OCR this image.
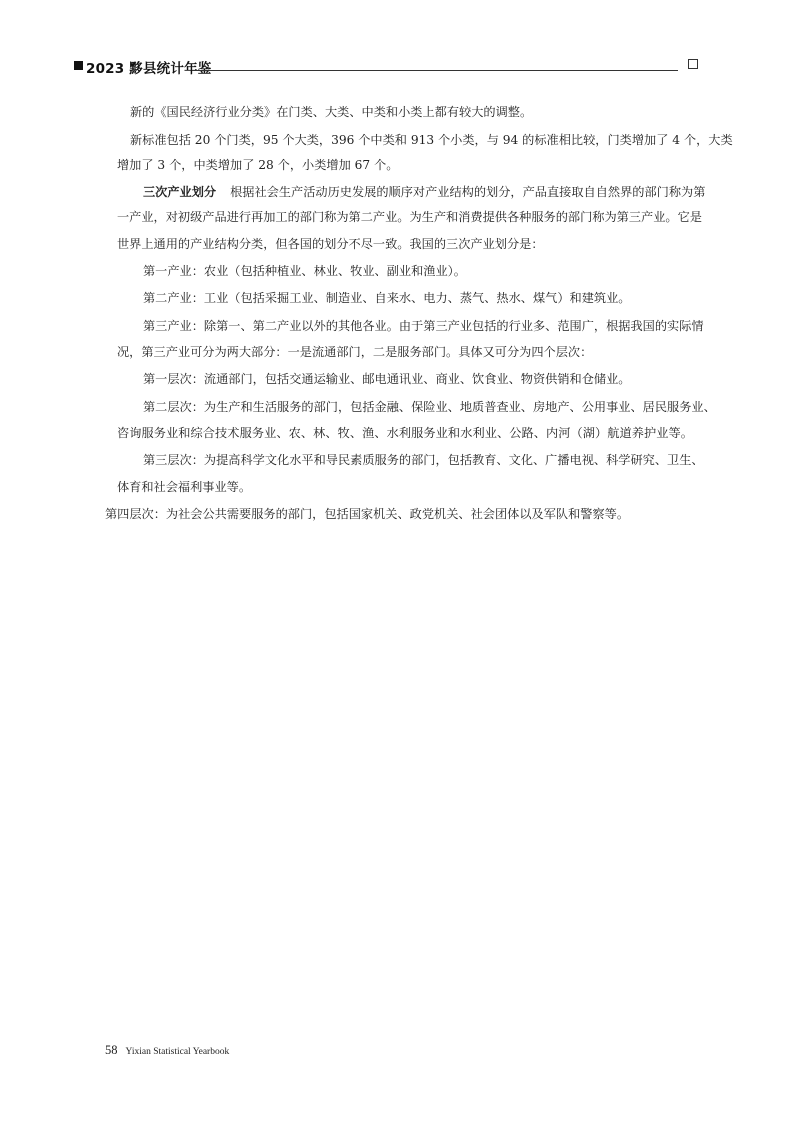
2023 黟县统计年鉴
新的《国民经济行业分类》在门类、大类、中类和小类上都有较大的调整。
新标准包括 20 个门类，95 个大类，396 个中类和 913 个小类，与 94 的标准相比较，门类增加了 4 个，大类
增加了 3 个，中类增加了 28 个，小类增加 67 个。
三次产业划分 根据社会生产活动历史发展的顺序对产业结构的划分，产品直接取自自然界的部门称为第
一产业，对初级产品进行再加工的部门称为第二产业。为生产和消费提供各种服务的部门称为第三产业。它是
世界上通用的产业结构分类，但各国的划分不尽一致。我国的三次产业划分是：
第一产业：农业（包括种植业、林业、牧业、副业和渔业）。
第二产业：工业（包括采掘工业、制造业、自来水、电力、蒸气、热水、煤气）和建筑业。
第三产业：除第一、第二产业以外的其他各业。由于第三产业包括的行业多、范围广，根据我国的实际情
况，第三产业可分为两大部分：一是流通部门，二是服务部门。具体又可分为四个层次：
第一层次：流通部门，包括交通运输业、邮电通讯业、商业、饮食业、物资供销和仓储业。
第二层次：为生产和生活服务的部门，包括金融、保险业、地质普查业、房地产、公用事业、居民服务业、
咨询服务业和综合技术服务业、农、林、牧、渔、水利服务业和水利业、公路、内河（湖）航道养护业等。
第三层次：为提高科学文化水平和导民素质服务的部门，包括教育、文化、广播电视、科学研究、卫生、
体育和社会福利事业等。
第四层次：为社会公共需要服务的部门，包括国家机关、政党机关、社会团体以及军队和警察等。
58 Yixian Statistical Yearbook
